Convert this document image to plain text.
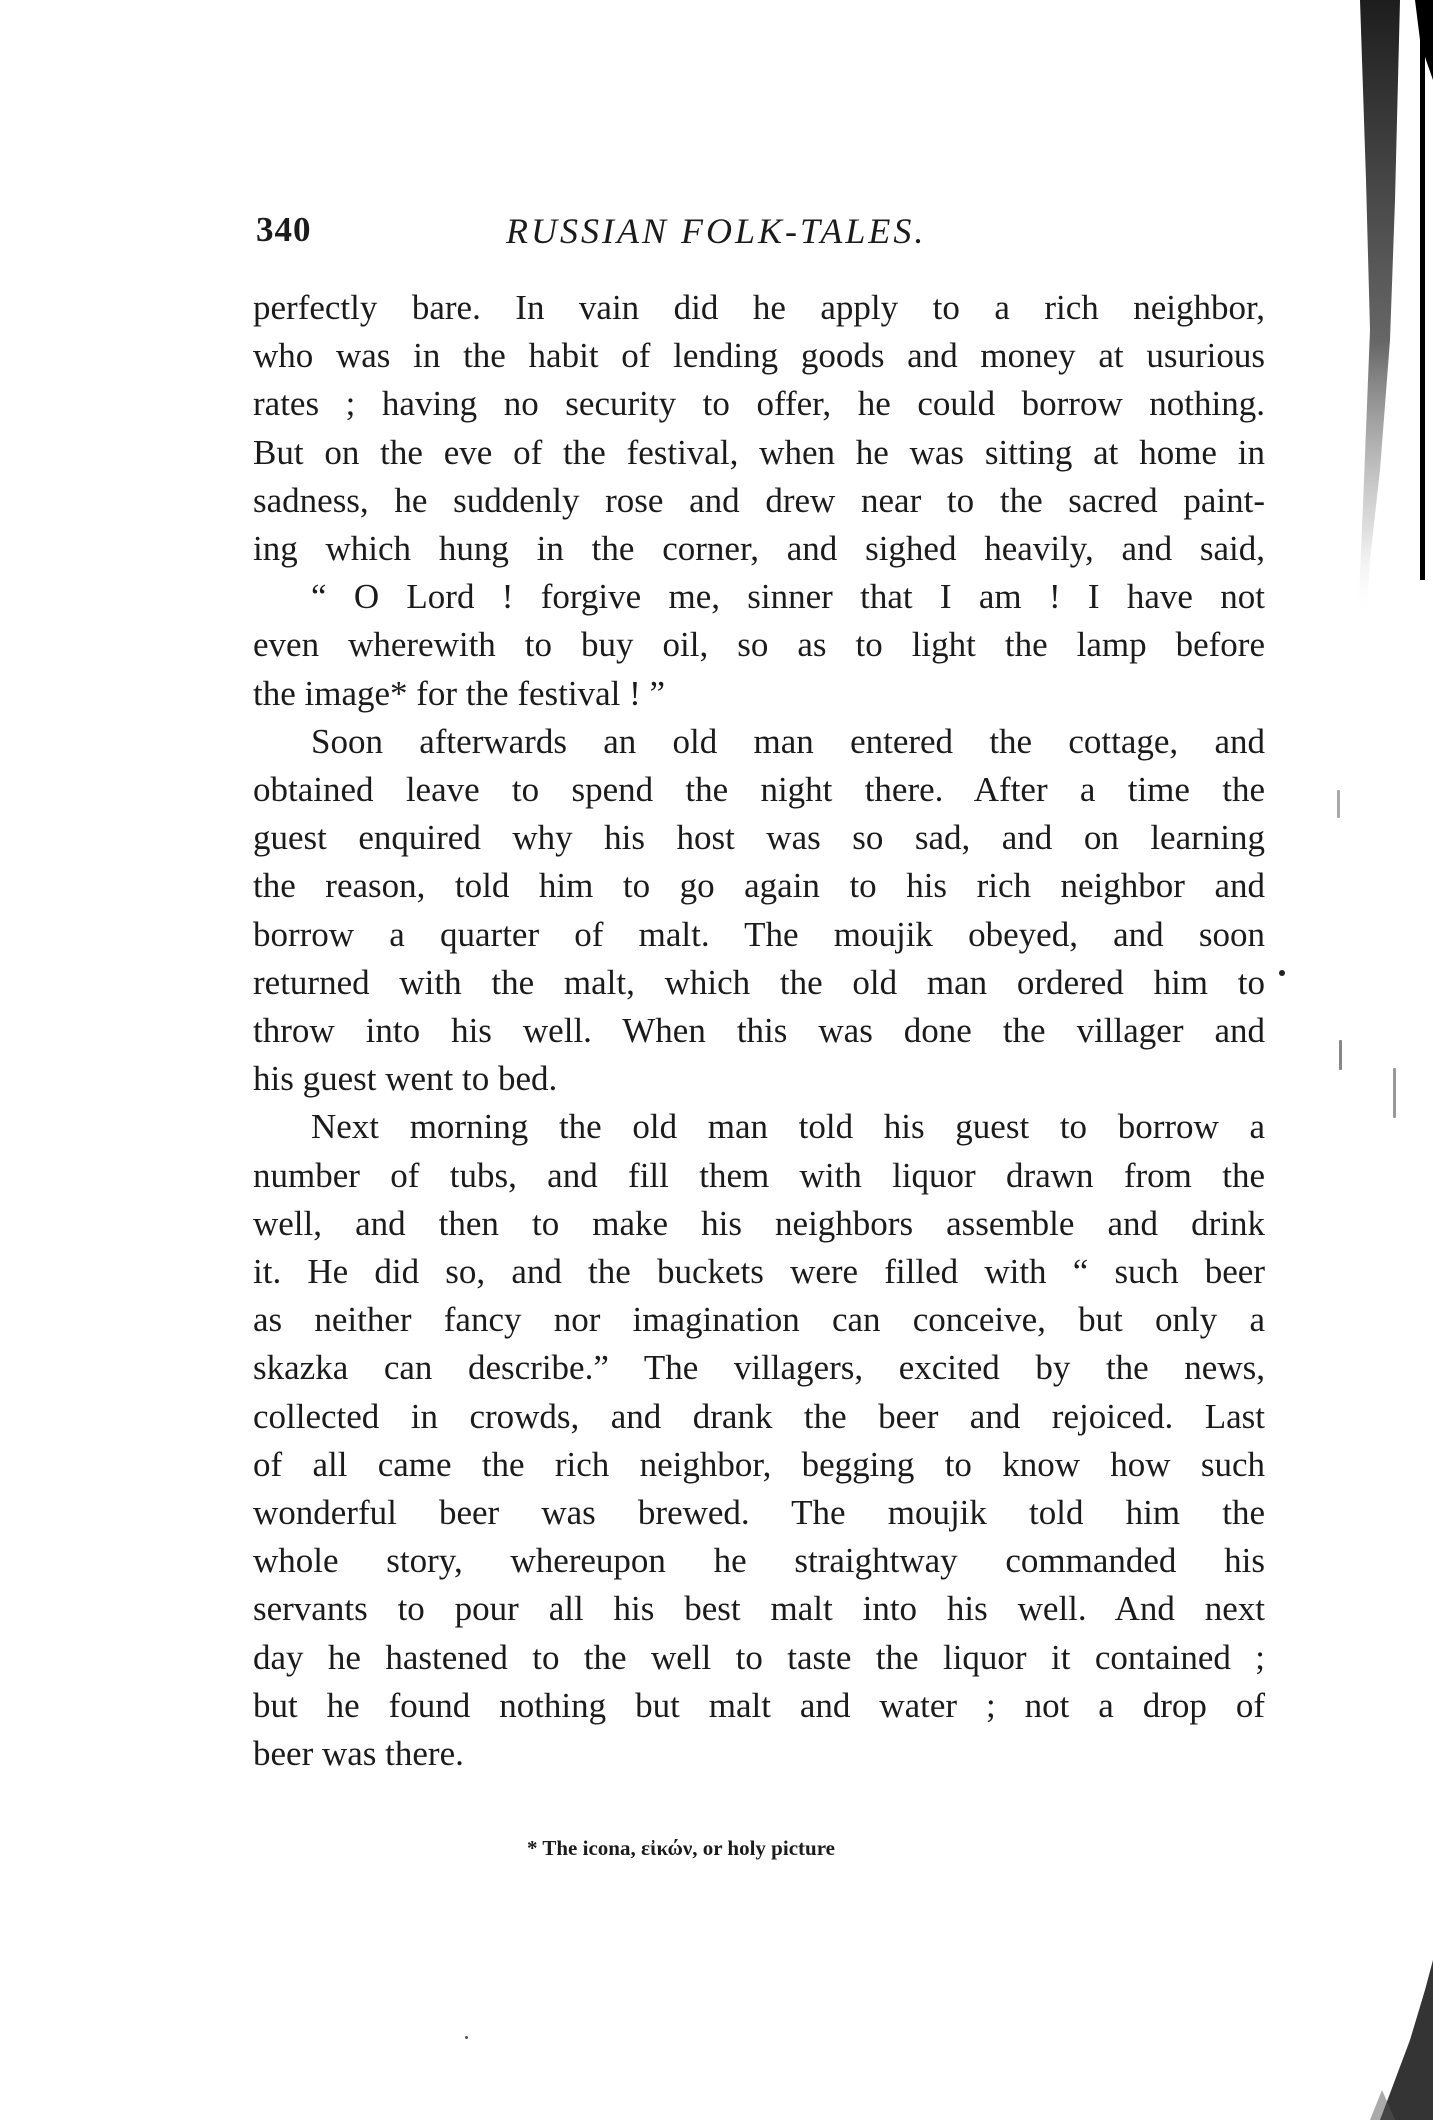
340	RUSSIAN FOLK-TALES.
perfectly bare. In vain did he apply to a rich neighbor,
who was in the habit of lending goods and money at usurious
rates ; having no security to offer, he could borrow nothing.
But on the eve of the festival, when he was sitting at home in
sadness, he suddenly rose and drew near to the sacred paint-
ing which hung in the corner, and sighed heavily, and said,
“ O Lord ! forgive me, sinner that I am ! I have not
even wherewith to buy oil, so as to light the lamp before
the image* for the festival ! ”
Soon afterwards an old man entered the cottage, and
obtained leave to spend the night there. After a time the
guest enquired why his host was so sad, and on learning
the reason, told him to go again to his rich neighbor and
borrow a quarter of malt. The moujik obeyed, and soon
returned with the malt, which the old man ordered him to
throw into his well. When this was done the villager and
his guest went to bed.
Next morning the old man told his guest to borrow a
number of tubs, and fill them with liquor drawn from the
well, and then to make his neighbors assemble and drink
it. He did so, and the buckets were filled with “ such beer
as neither fancy nor imagination can conceive, but only a
skazka can describe.” The villagers, excited by the news,
collected in crowds, and drank the beer and rejoiced. Last
of all came the rich neighbor, begging to know how such
wonderful beer was brewed. The moujik told him the
whole story, whereupon he straightway commanded his
servants to pour all his best malt into his well. And next
day he hastened to the well to taste the liquor it contained ;
but he found nothing but malt and water ; not a drop of
beer was there.
* The icona, εἰκών, or holy picture
